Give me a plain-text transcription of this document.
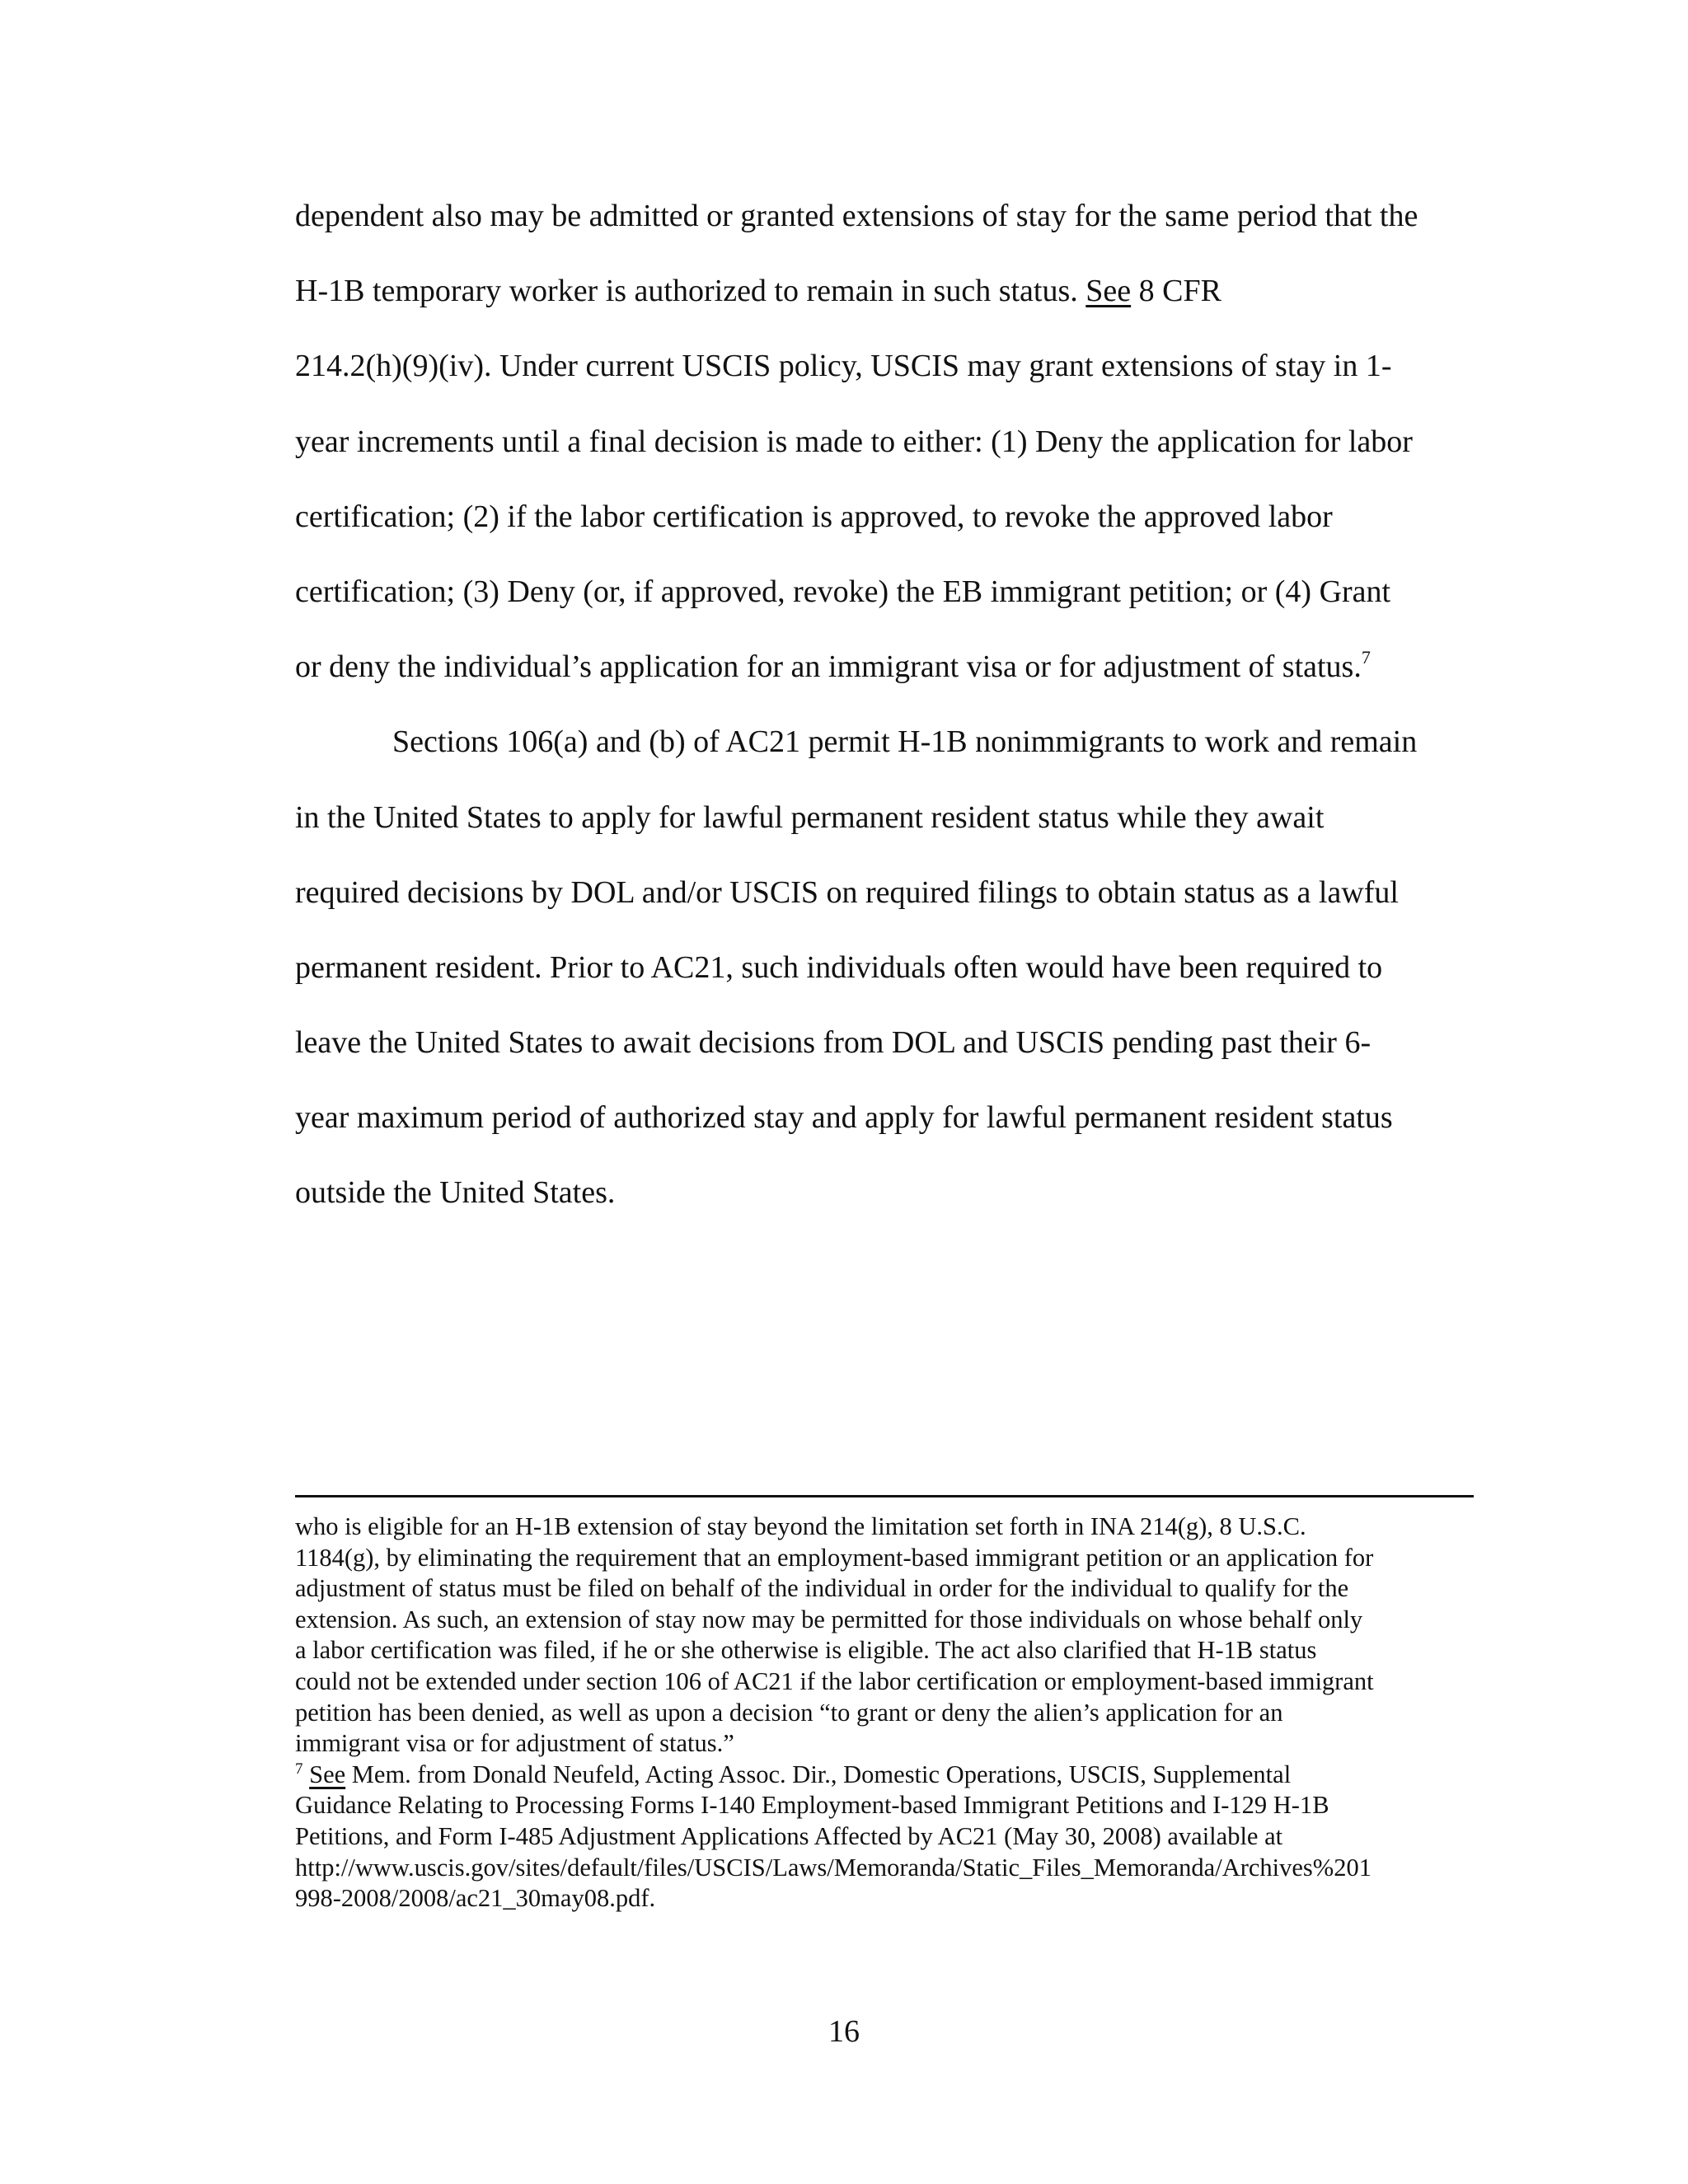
dependent also may be admitted or granted extensions of stay for the same period that the
H-1B temporary worker is authorized to remain in such status. See 8 CFR
214.2(h)(9)(iv). Under current USCIS policy, USCIS may grant extensions of stay in 1-
year increments until a final decision is made to either: (1) Deny the application for labor
certification; (2) if the labor certification is approved, to revoke the approved labor
certification; (3) Deny (or, if approved, revoke) the EB immigrant petition; or (4) Grant
or deny the individual’s application for an immigrant visa or for adjustment of status.$^7$
Sections 106(a) and (b) of AC21 permit H-1B nonimmigrants to work and remain
in the United States to apply for lawful permanent resident status while they await
required decisions by DOL and/or USCIS on required filings to obtain status as a lawful
permanent resident. Prior to AC21, such individuals often would have been required to
leave the United States to await decisions from DOL and USCIS pending past their 6-
year maximum period of authorized stay and apply for lawful permanent resident status
outside the United States.
who is eligible for an H-1B extension of stay beyond the limitation set forth in INA 214(g), 8 U.S.C.
1184(g), by eliminating the requirement that an employment-based immigrant petition or an application for
adjustment of status must be filed on behalf of the individual in order for the individual to qualify for the
extension. As such, an extension of stay now may be permitted for those individuals on whose behalf only
a labor certification was filed, if he or she otherwise is eligible. The act also clarified that H-1B status
could not be extended under section 106 of AC21 if the labor certification or employment-based immigrant
petition has been denied, as well as upon a decision “to grant or deny the alien’s application for an
immigrant visa or for adjustment of status.”
$^7$ See Mem. from Donald Neufeld, Acting Assoc. Dir., Domestic Operations, USCIS, Supplemental
Guidance Relating to Processing Forms I-140 Employment-based Immigrant Petitions and I-129 H-1B
Petitions, and Form I-485 Adjustment Applications Affected by AC21 (May 30, 2008) available at
http://www.uscis.gov/sites/default/files/USCIS/Laws/Memoranda/Static_Files_Memoranda/Archives%201
998-2008/2008/ac21_30may08.pdf.
16
